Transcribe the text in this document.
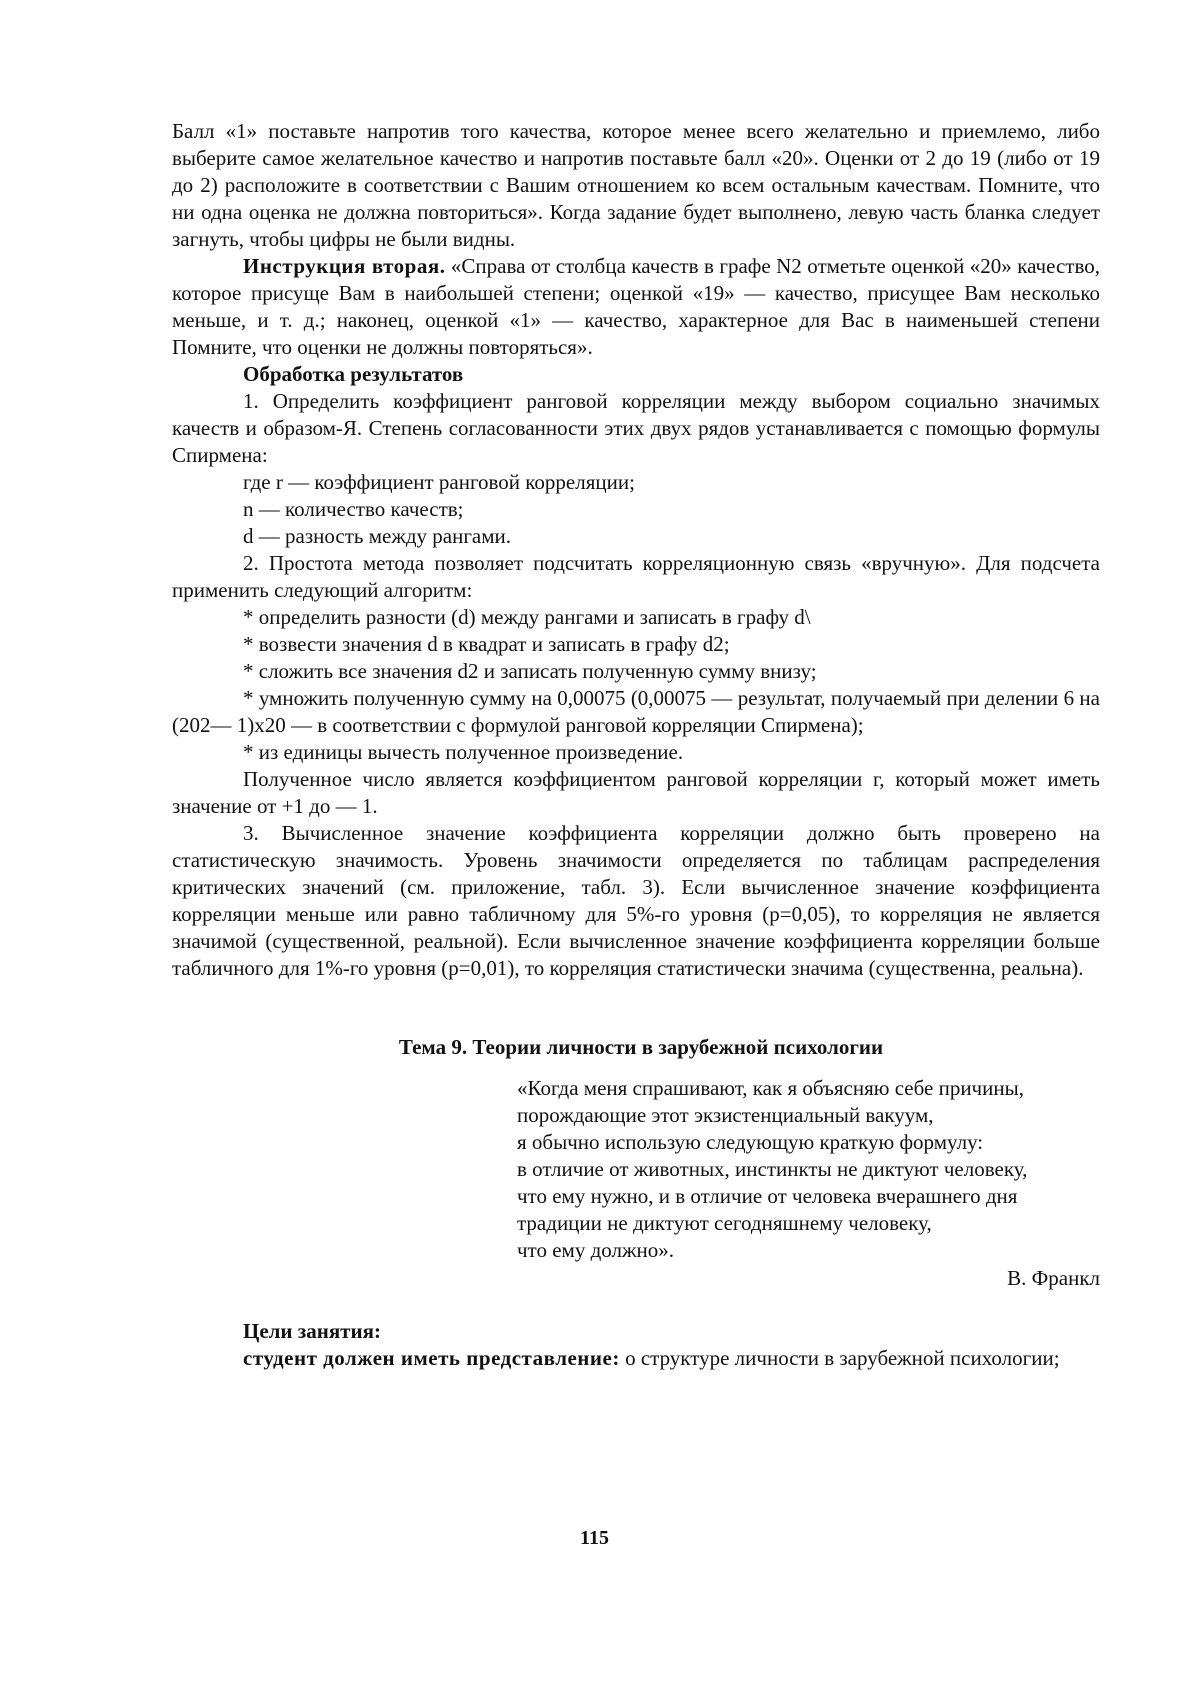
Балл «1» поставьте напротив того качества, которое менее всего желательно и приемлемо, либо выберите самое желательное качество и напротив поставьте балл «20». Оценки от 2 до 19 (либо от 19 до 2) расположите в соответствии с Вашим отношением ко всем остальным качествам. Помните, что ни одна оценка не должна повториться». Когда задание будет выполнено, левую часть бланка следует загнуть, чтобы цифры не были видны.

Инструкция вторая. «Справа от столбца качеств в графе N2 отметьте оценкой «20» качество, которое присуще Вам в наибольшей степени; оценкой «19» — качество, присущее Вам несколько меньше, и т. д.; наконец, оценкой «1» — качество, характерное для Вас в наименьшей степени Помните, что оценки не должны повторяться».

Обработка результатов

1. Определить коэффициент ранговой корреляции между выбором социально значимых качеств и образом-Я. Степень согласованности этих двух рядов устанавливается с помощью формулы Спирмена:

где r — коэффициент ранговой корреляции;

n — количество качеств;

d — разность между рангами.

2. Простота метода позволяет подсчитать корреляционную связь «вручную». Для подсчета применить следующий алгоритм:

* определить разности (d) между рангами и записать в графу d\

* возвести значения d в квадрат и записать в графу d2;

* сложить все значения d2 и записать полученную сумму внизу;

* умножить полученную сумму на 0,00075 (0,00075 — результат, получаемый при делении 6 на (202— 1)х20 — в соответствии с формулой ранговой корреляции Спирмена);

* из единицы вычесть полученное произведение.

Полученное число является коэффициентом ранговой корреляции г, который может иметь значение от +1 до — 1.

3. Вычисленное значение коэффициента корреляции должно быть проверено на статистическую значимость. Уровень значимости определяется по таблицам распределения критических значений (см. приложение, табл. 3). Если вычисленное значение коэффициента корреляции меньше или равно табличному для 5%-го уровня (р=0,05), то корреляция не является значимой (существенной, реальной). Если вычисленное значение коэффициента корреляции больше табличного для 1%-го уровня (р=0,01), то корреляция статистически значима (существенна, реальна).

Тема 9. Теории личности в зарубежной психологии

«Когда меня спрашивают, как я объясняю себе причины,
порождающие этот экзистенциальный вакуум,
я обычно использую следующую краткую формулу:
в отличие от животных, инстинкты не диктуют человеку,
что ему нужно, и в отличие от человека вчерашнего дня
традиции не диктуют сегодняшнему человеку,
что ему должно».

В. Франкл

Цели занятия:

студент должен иметь представление: о структуре личности в зарубежной психологии;

115
